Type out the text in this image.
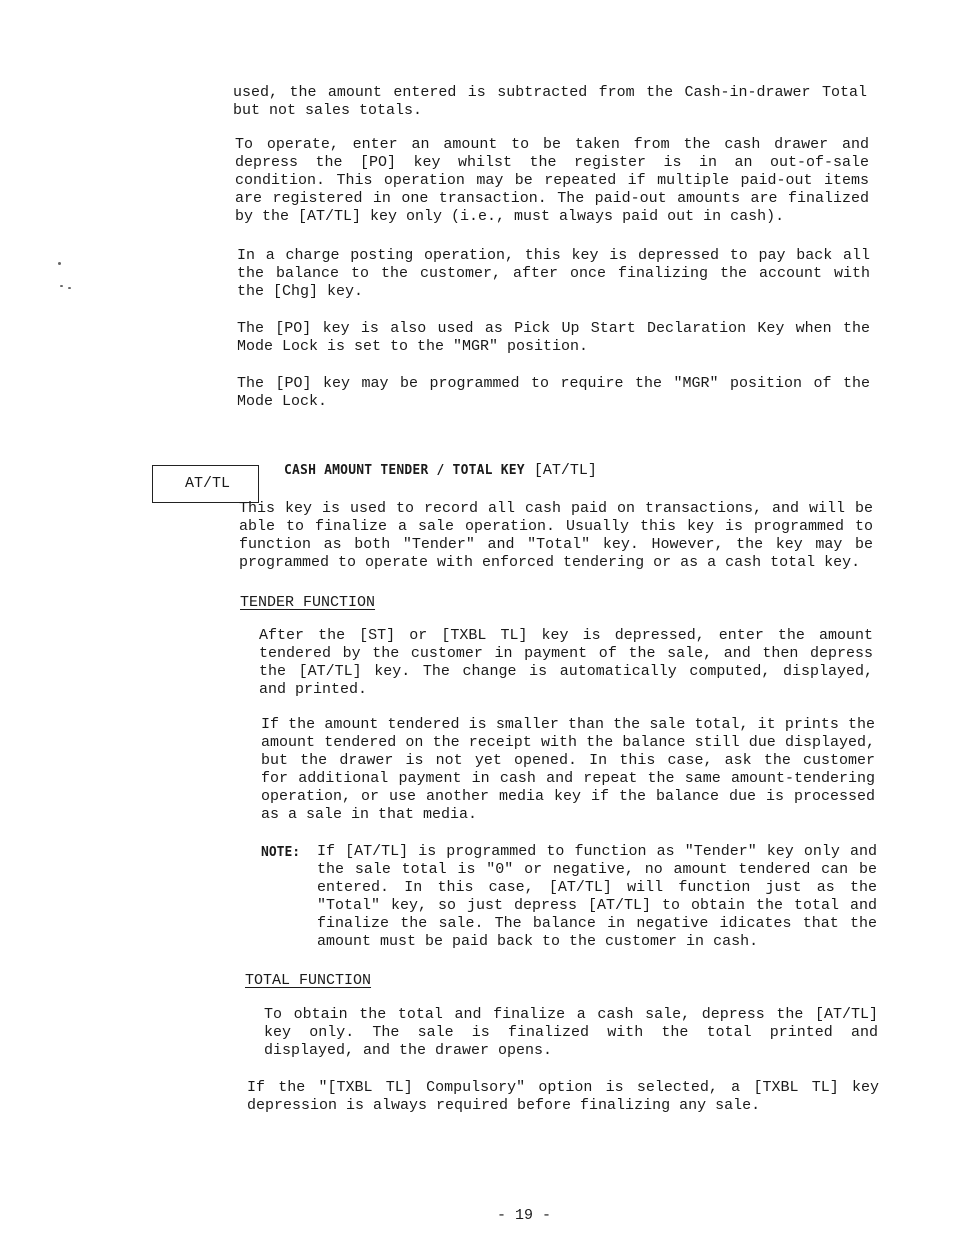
used, the amount entered is subtracted from the Cash-in-drawer Total
but not sales totals.
To operate, enter an amount to be taken from the cash drawer and
depress the [PO] key whilst the register is in an out-of-sale
condition. This operation may be repeated if multiple paid-out items
are registered in one transaction. The paid-out amounts are finalized
by the [AT/TL] key only (i.e., must always paid out in cash).
In a charge posting operation, this key is depressed to pay back all
the balance to the customer, after once finalizing the account with
the [Chg] key.
The [PO] key is also used as Pick Up Start Declaration Key when the
Mode Lock is set to the "MGR" position.
The [PO] key may be programmed to require the "MGR" position of the
Mode Lock.
AT/TL
CASH AMOUNT TENDER / TOTAL KEY [AT/TL]
This key is used to record all cash paid on transactions, and will be
able to finalize a sale operation. Usually this key is programmed to
function as both "Tender" and "Total" key. However, the key may be
programmed to operate with enforced tendering or as a cash total key.
TENDER FUNCTION
After the [ST] or [TXBL TL] key is depressed, enter the amount
tendered by the customer in payment of the sale, and then depress
the [AT/TL] key. The change is automatically computed, displayed,
and printed.
If the amount tendered is smaller than the sale total, it prints the
amount tendered on the receipt with the balance still due displayed,
but the drawer is not yet opened. In this case, ask the customer
for additional payment in cash and repeat the same amount-tendering
operation, or use another media key if the balance due is processed
as a sale in that media.
NOTE: If [AT/TL] is programmed to function as "Tender" key only and
the sale total is "0" or negative, no amount tendered can be
entered. In this case, [AT/TL] will function just as the
"Total" key, so just depress [AT/TL] to obtain the total and
finalize the sale. The balance in negative idicates that the
amount must be paid back to the customer in cash.
TOTAL FUNCTION
To obtain the total and finalize a cash sale, depress the [AT/TL]
key only. The sale is finalized with the total printed and
displayed, and the drawer opens.
If the "[TXBL TL] Compulsory" option is selected, a [TXBL TL] key
depression is always required before finalizing any sale.
- 19 -
